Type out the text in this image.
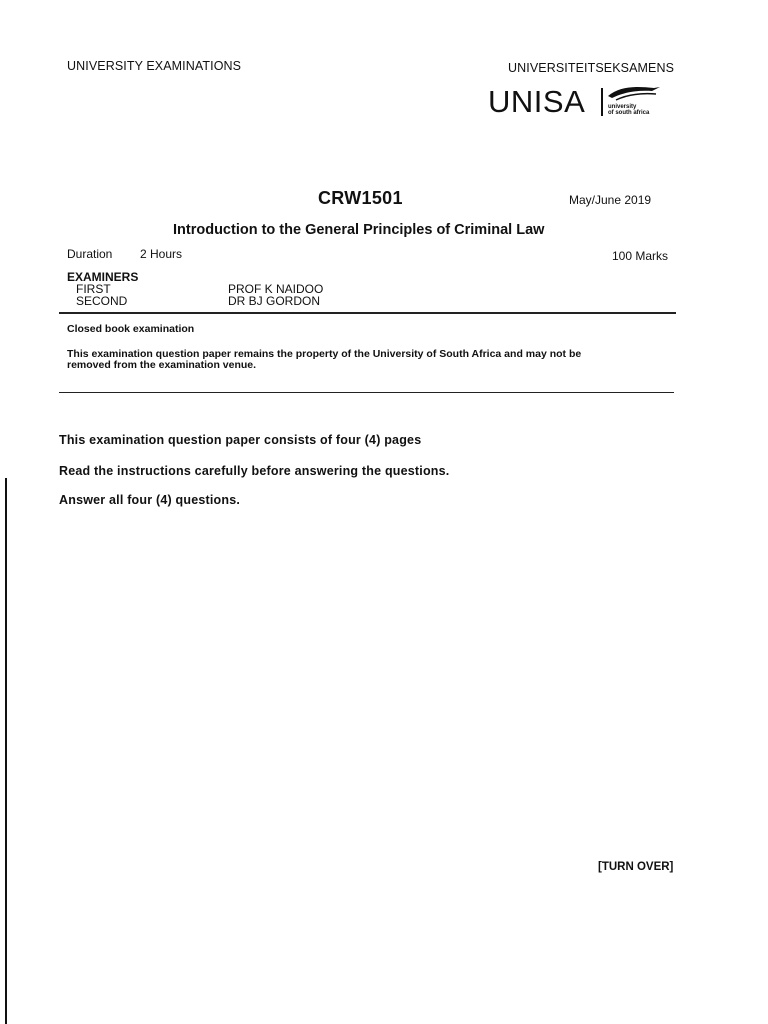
UNIVERSITY EXAMINATIONS	UNIVERSITEITSEKSAMENS
UNISA	university
of south africa
CRW1501	May/June 2019
Introduction to the General Principles of Criminal Law
Duration 2 Hours	100 Marks
EXAMINERS
FIRST	PROF K NAIDOO
SECOND	DR BJ GORDON
Closed book examination
This examination question paper remains the property of the University of South Africa and may not be
removed from the examination venue.
This examination question paper consists of four (4) pages
Read the instructions carefully before answering the questions.
Answer all four (4) questions.
[TURN OVER]
